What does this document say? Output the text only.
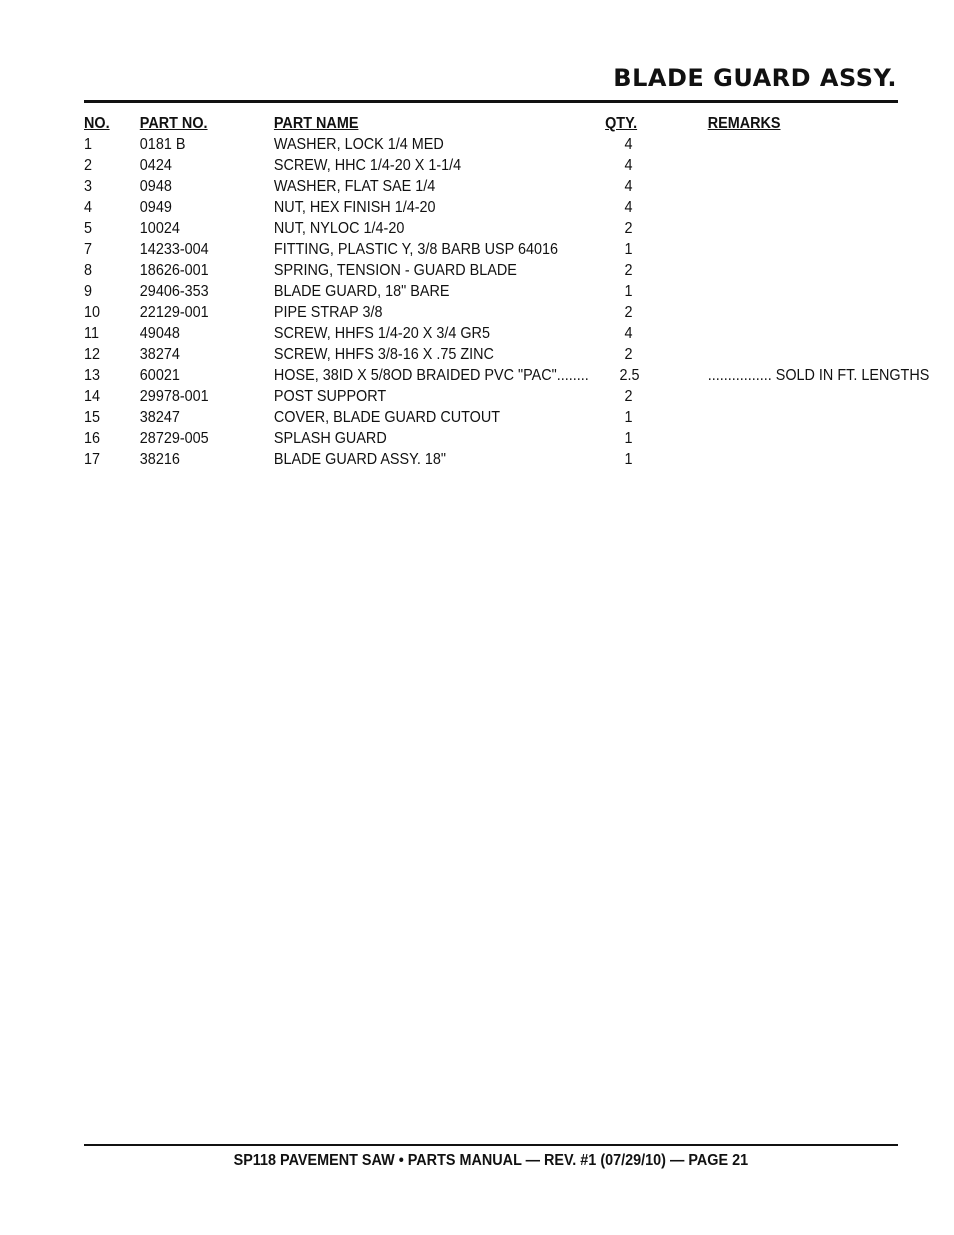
BLADE GUARD ASSY.
NO. PART NO.	PART NAME	QTY.	REMARKS
1	0181 B	WASHER, LOCK 1/4 MED	4
2	0424	SCREW, HHC 1/4-20 X 1-1/4	4
3	0948	WASHER, FLAT SAE 1/4	4
4	0949	NUT, HEX FINISH 1/4-20	4
5	10024	NUT, NYLOC 1/4-20	2
7	14233-004	FITTING, PLASTIC Y, 3/8 BARB USP 64016	1
8	18626-001	SPRING, TENSION - GUARD BLADE	2
9	29406-353	BLADE GUARD, 18" BARE	1
10 22129-001	PIPE STRAP 3/8	2
11	49048	SCREW, HHFS 1/4-20 X 3/4 GR5	4
12 38274	SCREW, HHFS 3/8-16 X .75 ZINC	2
13 60021	HOSE, 38ID X 5/8OD BRAIDED PVC "PAC"........ 2.5	................ SOLD IN FT. LENGTHS
14 29978-001	POST SUPPORT	2
15 38247	COVER, BLADE GUARD CUTOUT	1
16 28729-005	SPLASH GUARD	1
17 38216	BLADE GUARD ASSY. 18"	1
SP118 PAVEMENT SAW • PARTS MANUAL — REV. #1 (07/29/10) — PAGE 21
